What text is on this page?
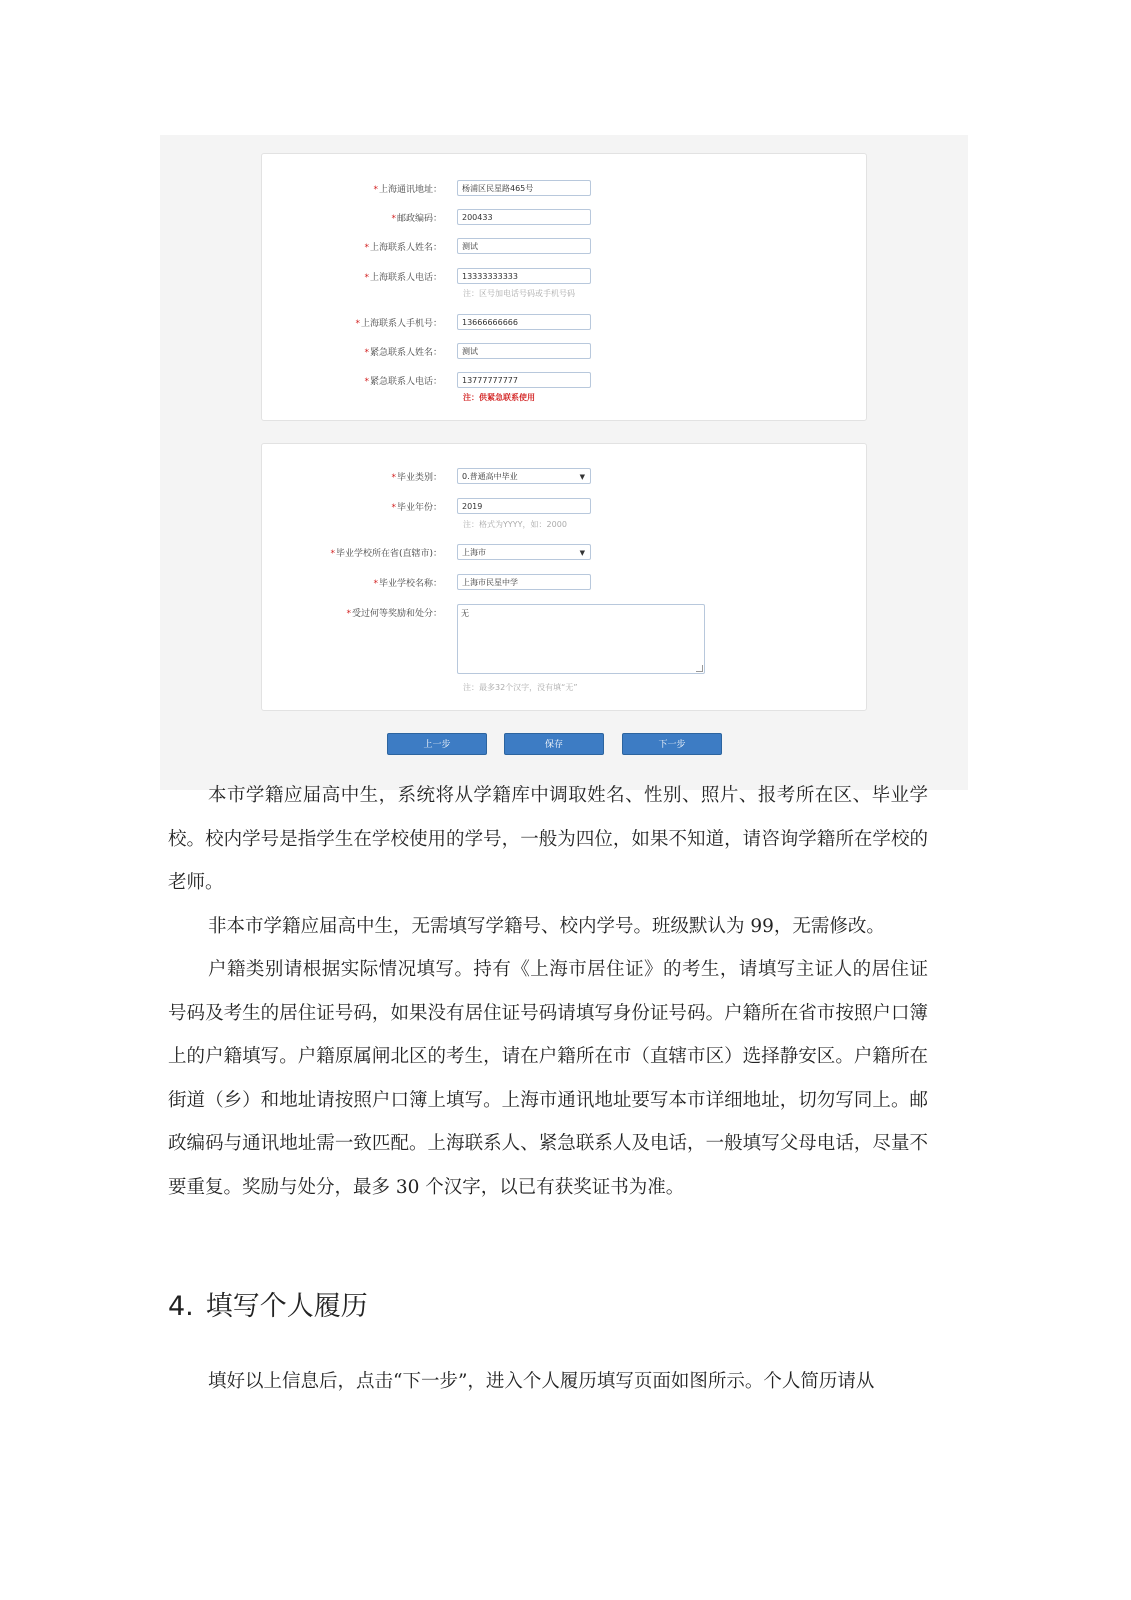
*上海通讯地址：	杨浦区民星路465号
*邮政编码：	200433
*上海联系人姓名：	测试
*上海联系人电话：	13333333333
注：区号加电话号码或手机号码
*上海联系人手机号：	13666666666
*紧急联系人姓名：	测试
*紧急联系人电话：	13777777777
注：供紧急联系使用
*毕业类别：	0.普通高中毕业	▼
*毕业年份：	2019
注：格式为YYYY，如：2000
*毕业学校所在省(直辖市)：	上海市	▼
*毕业学校名称：	上海市民星中学
*受过何等奖励和处分：	无
注：最多32个汉字，没有填“无”
上一步	保存	下一步
本市学籍应届高中生，系统将从学籍库中调取姓名、性别、照片、报考所在区、毕业学校。校内学号是指学生在学校使用的学号，一般为四位，如果不知道，请咨询学籍所在学校的老师。
非本市学籍应届高中生，无需填写学籍号、校内学号。班级默认为 99，无需修改。
户籍类别请根据实际情况填写。持有《上海市居住证》的考生，请填写主证人的居住证号码及考生的居住证号码，如果没有居住证号码请填写身份证号码。户籍所在省市按照户口簿上的户籍填写。户籍原属闸北区的考生，请在户籍所在市（直辖市区）选择静安区。户籍所在街道（乡）和地址请按照户口簿上填写。上海市通讯地址要写本市详细地址，切勿写同上。邮政编码与通讯地址需一致匹配。上海联系人、紧急联系人及电话，一般填写父母电话，尽量不要重复。奖励与处分，最多 30 个汉字，以已有获奖证书为准。
4. 填写个人履历
填好以上信息后，点击“下一步”，进入个人履历填写页面如图所示。个人简历请从
